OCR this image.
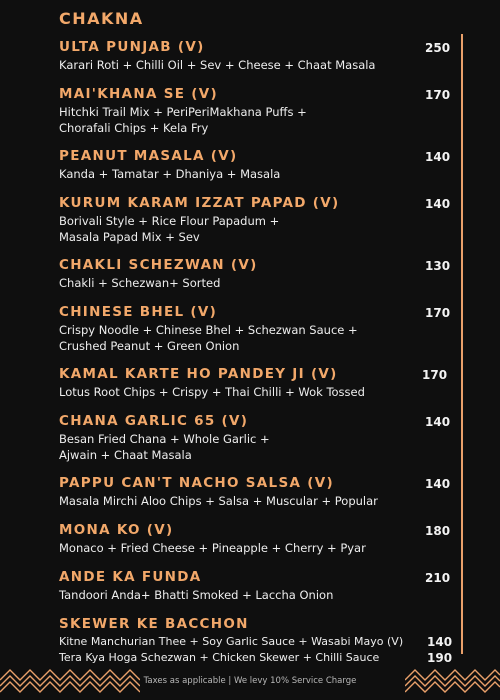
CHAKNA
ULTA PUNJAB (V)	250
Karari Roti + Chilli Oil + Sev + Cheese + Chaat Masala
MAI'KHANA SE (V)	170
Hitchki Trail Mix + PeriPeriMakhana Puffs +
Chorafali Chips + Kela Fry
PEANUT MASALA (V)	140
Kanda + Tamatar + Dhaniya + Masala
KURUM KARAM IZZAT PAPAD (V)	140
Borivali Style + Rice Flour Papadum +
Masala Papad Mix + Sev
CHAKLI SCHEZWAN (V)	130
Chakli + Schezwan+ Sorted
CHINESE BHEL (V)	170
Crispy Noodle + Chinese Bhel + Schezwan Sauce +
Crushed Peanut + Green Onion
KAMAL KARTE HO PANDEY JI (V)	170
Lotus Root Chips + Crispy + Thai Chilli + Wok Tossed
CHANA GARLIC 65 (V)	140
Besan Fried Chana + Whole Garlic +
Ajwain + Chaat Masala
PAPPU CAN'T NACHO SALSA (V)	140
Masala Mirchi Aloo Chips + Salsa + Muscular + Popular
MONA KO (V)	180
Monaco + Fried Cheese + Pineapple + Cherry + Pyar
ANDE KA FUNDA	210
Tandoori Anda+ Bhatti Smoked + Laccha Onion
SKEWER KE BACCHON
Kitne Manchurian Thee + Soy Garlic Sauce + Wasabi Mayo (V) 140
Tera Kya Hoga Schezwan + Chicken Skewer + Chilli Sauce	190
Taxes as applicable | We levy 10% Service Charge
